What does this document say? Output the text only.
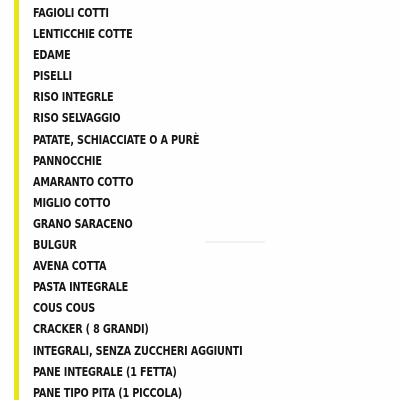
FAGIOLI COTTI
LENTICCHIE COTTE
EDAME
PISELLI
RISO INTEGRLE
RISO SELVAGGIO
PATATE, SCHIACCIATE O A PURÈ
PANNOCCHIE
AMARANTO COTTO
MIGLIO COTTO
GRANO SARACENO
BULGUR
AVENA COTTA
PASTA INTEGRALE
COUS COUS
CRACKER ( 8 GRANDI)
INTEGRALI, SENZA ZUCCHERI AGGIUNTI
PANE INTEGRALE (1 FETTA)
PANE TIPO PITA (1 PICCOLA)
